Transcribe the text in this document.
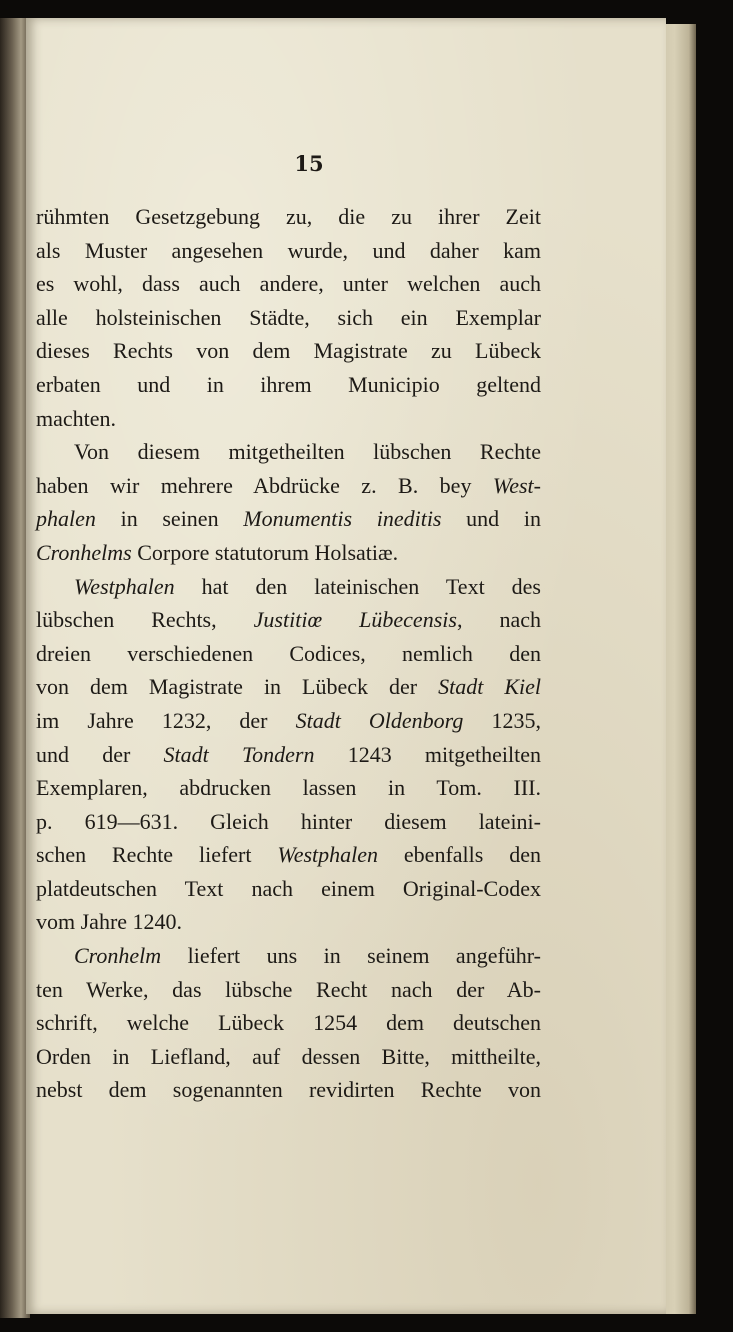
15
rühmten Gesetzgebung zu, die zu ihrer Zeit
als Muster angesehen wurde, und daher kam
es wohl, dass auch andere, unter welchen auch
alle holsteinischen Städte, sich ein Exemplar
dieses Rechts von dem Magistrate zu Lübeck
erbaten und in ihrem Municipio geltend
machten.
Von diesem mitgetheilten lübschen Rechte
haben wir mehrere Abdrücke z. B. bey West-
phalen in seinen Monumentis ineditis und in
Cronhelms Corpore statutorum Holsatiæ.
Westphalen hat den lateinischen Text des
lübschen Rechts, Justitiœ Lübecensis, nach
dreien verschiedenen Codices, nemlich den
von dem Magistrate in Lübeck der Stadt Kiel
im Jahre 1232, der Stadt Oldenborg 1235,
und der Stadt Tondern 1243 mitgetheilten
Exemplaren, abdrucken lassen in Tom. III.
p. 619—631. Gleich hinter diesem lateini-
schen Rechte liefert Westphalen ebenfalls den
platdeutschen Text nach einem Original-Codex
vom Jahre 1240.
Cronhelm liefert uns in seinem angeführ-
ten Werke, das lübsche Recht nach der Ab-
schrift, welche Lübeck 1254 dem deutschen
Orden in Liefland, auf dessen Bitte, mittheilte,
nebst dem sogenannten revidirten Rechte von
